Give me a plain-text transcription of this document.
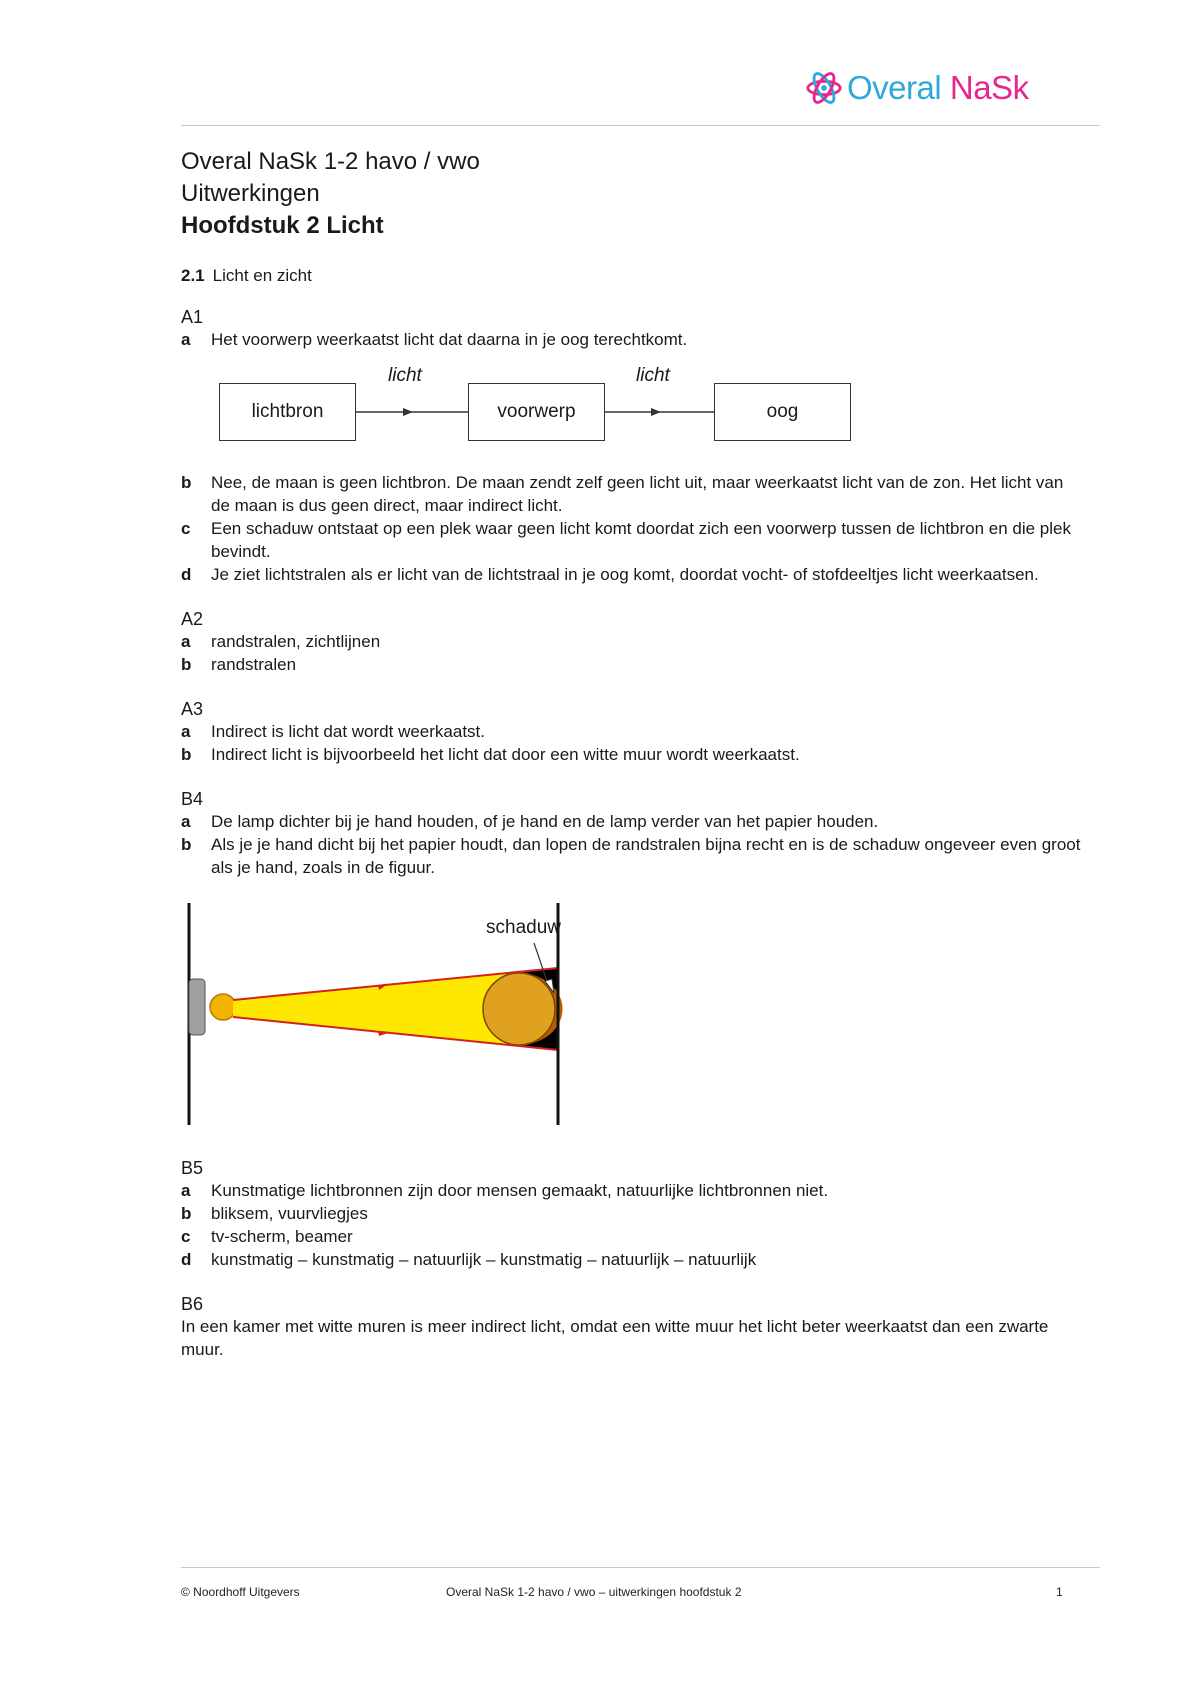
Overal NaSk
Overal NaSk 1-2 havo / vwo
Uitwerkingen
Hoofdstuk 2 Licht
2.1 Licht en zicht
A1
a	Het voorwerp weerkaatst licht dat daarna in je oog terechtkomt.
lichtbron
licht
voorwerp
licht
oog
b	Nee, de maan is geen lichtbron. De maan zendt zelf geen licht uit, maar weerkaatst licht van de zon. Het licht van de maan is dus geen direct, maar indirect licht.
c	Een schaduw ontstaat op een plek waar geen licht komt doordat zich een voorwerp tussen de lichtbron en die plek bevindt.
d	Je ziet lichtstralen als er licht van de lichtstraal in je oog komt, doordat vocht- of stofdeeltjes licht weerkaatsen.
A2
a	randstralen, zichtlijnen
b	randstralen
A3
a	Indirect is licht dat wordt weerkaatst.
b	Indirect licht is bijvoorbeeld het licht dat door een witte muur wordt weerkaatst.
B4
a	De lamp dichter bij je hand houden, of je hand en de lamp verder van het papier houden.
b	Als je je hand dicht bij het papier houdt, dan lopen de randstralen bijna recht en is de schaduw ongeveer even groot als je hand, zoals in de figuur.
schaduw
B5
a	Kunstmatige lichtbronnen zijn door mensen gemaakt, natuurlijke lichtbronnen niet.
b	bliksem, vuurvliegjes
c	tv-scherm, beamer
d	kunstmatig – kunstmatig – natuurlijk – kunstmatig – natuurlijk – natuurlijk
B6
In een kamer met witte muren is meer indirect licht, omdat een witte muur het licht beter weerkaatst dan een zwarte muur.
© Noordhoff Uitgevers	Overal NaSk 1-2 havo / vwo – uitwerkingen hoofdstuk 2	1
